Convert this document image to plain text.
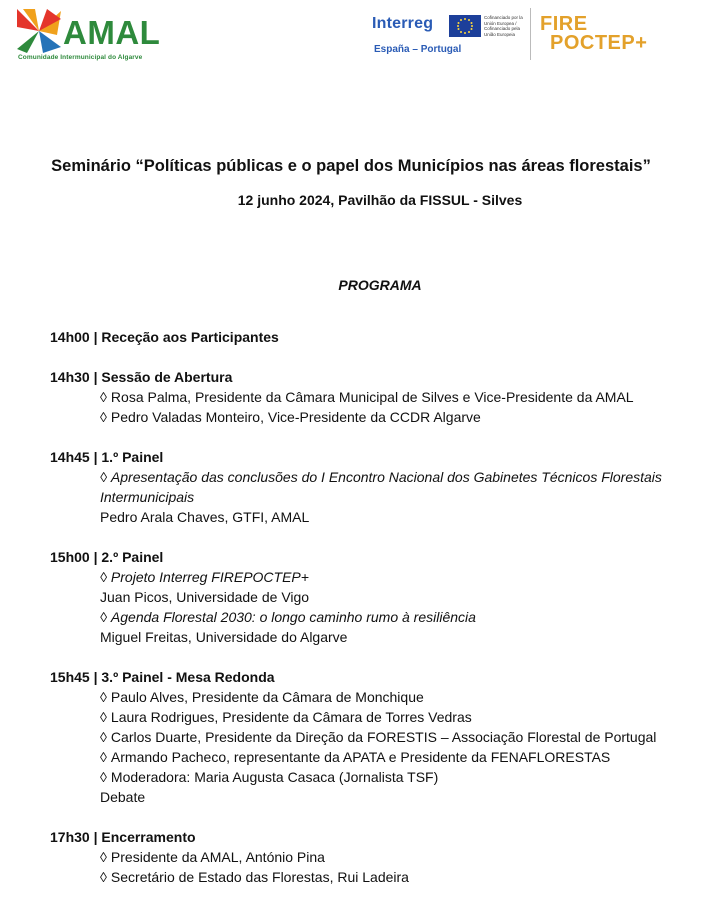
AMAL
Comunidade Intermunicipal do Algarve
Interreg	Cofinanciado por la Unión Europea / Cofinanciado pela União Europeia
España – Portugal
FIRE
POCTEP+
Seminário “Políticas públicas e o papel dos Municípios nas áreas florestais”
12 junho 2024, Pavilhão da FISSUL - Silves
PROGRAMA
14h00 | Receção aos Participantes
14h30 | Sessão de Abertura
◊ Rosa Palma, Presidente da Câmara Municipal de Silves e Vice-Presidente da AMAL
◊ Pedro Valadas Monteiro, Vice-Presidente da CCDR Algarve
14h45 | 1.º Painel
◊ Apresentação das conclusões do I Encontro Nacional dos Gabinetes Técnicos Florestais Intermunicipais
Pedro Arala Chaves, GTFI, AMAL
15h00 | 2.º Painel
◊ Projeto Interreg FIREPOCTEP+
Juan Picos, Universidade de Vigo
◊ Agenda Florestal 2030: o longo caminho rumo à resiliência
Miguel Freitas, Universidade do Algarve
15h45 | 3.º Painel - Mesa Redonda
◊ Paulo Alves, Presidente da Câmara de Monchique
◊ Laura Rodrigues, Presidente da Câmara de Torres Vedras
◊ Carlos Duarte, Presidente da Direção da FORESTIS – Associação Florestal de Portugal
◊ Armando Pacheco, representante da APATA e Presidente da FENAFLORESTAS
◊ Moderadora: Maria Augusta Casaca (Jornalista TSF)
Debate
17h30 | Encerramento
◊ Presidente da AMAL, António Pina
◊ Secretário de Estado das Florestas, Rui Ladeira
